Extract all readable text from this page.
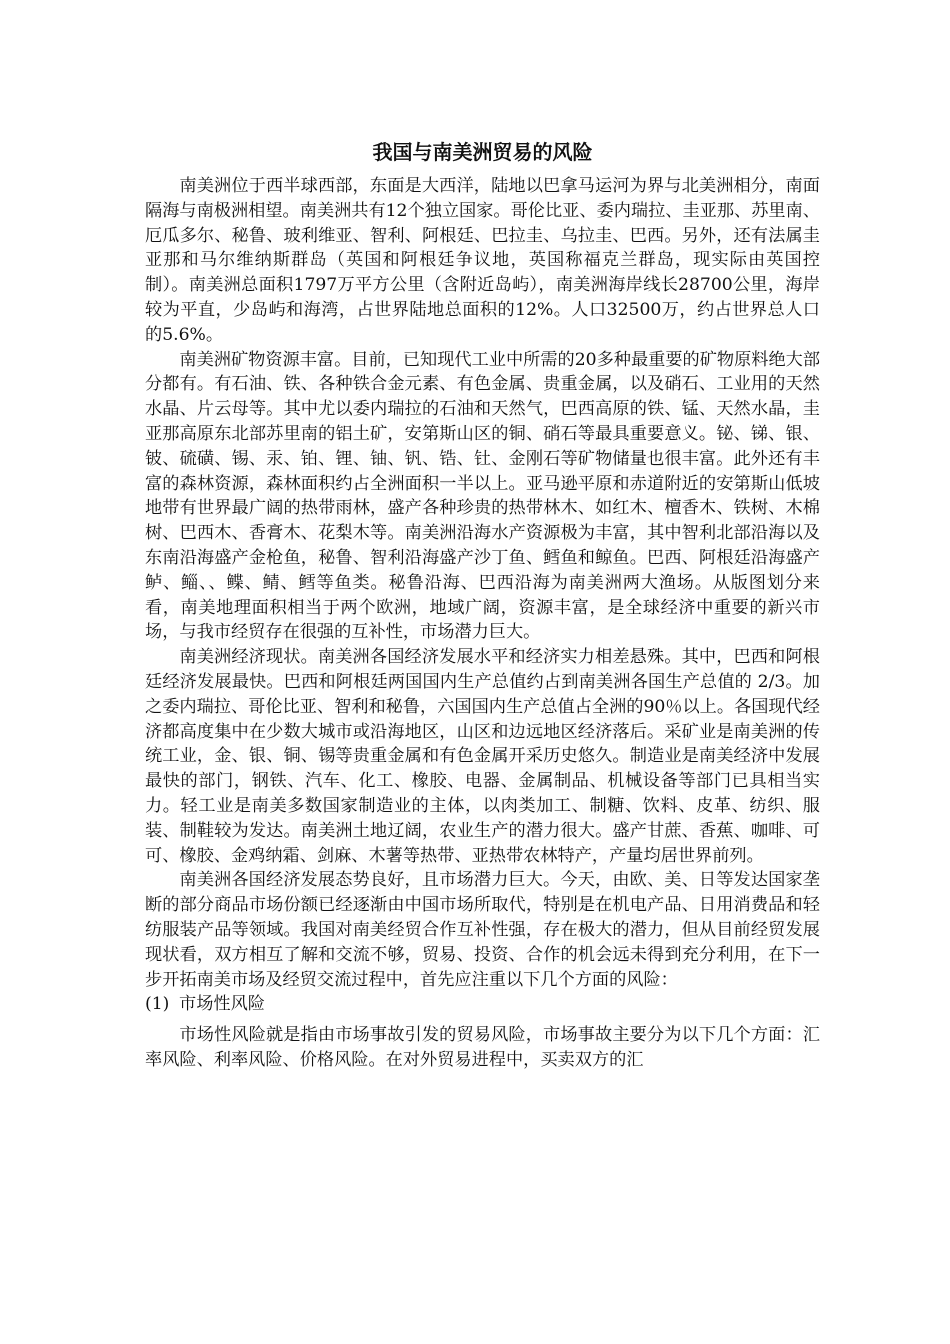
我国与南美洲贸易的风险

南美洲位于西半球西部，东面是大西洋，陆地以巴拿马运河为界与北美洲相分，南面隔海与南极洲相望。南美洲共有12个独立国家。哥伦比亚、委内瑞拉、圭亚那、苏里南、厄瓜多尔、秘鲁、玻利维亚、智利、阿根廷、巴拉圭、乌拉圭、巴西。另外，还有法属圭亚那和马尔维纳斯群岛（英国和阿根廷争议地，英国称福克兰群岛，现实际由英国控制）。南美洲总面积1797万平方公里（含附近岛屿），南美洲海岸线长28700公里，海岸较为平直，少岛屿和海湾，占世界陆地总面积的12%。人口32500万，约占世界总人口的5.6%。

南美洲矿物资源丰富。目前，已知现代工业中所需的20多种最重要的矿物原料绝大部分都有。有石油、铁、各种铁合金元素、有色金属、贵重金属，以及硝石、工业用的天然水晶、片云母等。其中尤以委内瑞拉的石油和天然气，巴西高原的铁、锰、天然水晶，圭亚那高原东北部苏里南的铝土矿，安第斯山区的铜、硝石等最具重要意义。铋、锑、银、铍、硫磺、锡、汞、铂、锂、铀、钒、锆、钍、金刚石等矿物储量也很丰富。此外还有丰富的森林资源，森林面积约占全洲面积一半以上。亚马逊平原和赤道附近的安第斯山低坡地带有世界最广阔的热带雨林，盛产各种珍贵的热带林木、如红木、檀香木、铁树、木棉树、巴西木、香膏木、花梨木等。南美洲沿海水产资源极为丰富，其中智利北部沿海以及东南沿海盛产金枪鱼，秘鲁、智利沿海盛产沙丁鱼、鳕鱼和鲸鱼。巴西、阿根廷沿海盛产鲈、鲻、、鲽、鲭、鳕等鱼类。秘鲁沿海、巴西沿海为南美洲两大渔场。从版图划分来看，南美地理面积相当于两个欧洲，地域广阔，资源丰富，是全球经济中重要的新兴市场，与我市经贸存在很强的互补性，市场潜力巨大。

南美洲经济现状。南美洲各国经济发展水平和经济实力相差悬殊。其中，巴西和阿根廷经济发展最快。巴西和阿根廷两国国内生产总值约占到南美洲各国生产总值的 2/3。加之委内瑞拉、哥伦比亚、智利和秘鲁，六国国内生产总值占全洲的90％以上。各国现代经济都高度集中在少数大城市或沿海地区，山区和边远地区经济落后。采矿业是南美洲的传统工业，金、银、铜、锡等贵重金属和有色金属开采历史悠久。制造业是南美经济中发展最快的部门，钢铁、汽车、化工、橡胶、电器、金属制品、机械设备等部门已具相当实力。轻工业是南美多数国家制造业的主体，以肉类加工、制糖、饮料、皮革、纺织、服装、制鞋较为发达。南美洲土地辽阔，农业生产的潜力很大。盛产甘蔗、香蕉、咖啡、可可、橡胶、金鸡纳霜、剑麻、木薯等热带、亚热带农林特产，产量均居世界前列。

南美洲各国经济发展态势良好，且市场潜力巨大。今天，由欧、美、日等发达国家垄断的部分商品市场份额已经逐渐由中国市场所取代，特别是在机电产品、日用消费品和轻纺服装产品等领域。我国对南美经贸合作互补性强，存在极大的潜力，但从目前经贸发展现状看，双方相互了解和交流不够，贸易、投资、合作的机会远未得到充分利用，在下一步开拓南美市场及经贸交流过程中，首先应注重以下几个方面的风险：

(1) 市场性风险

市场性风险就是指由市场事故引发的贸易风险，市场事故主要分为以下几个方面：汇率风险、利率风险、价格风险。在对外贸易进程中，买卖双方的汇
